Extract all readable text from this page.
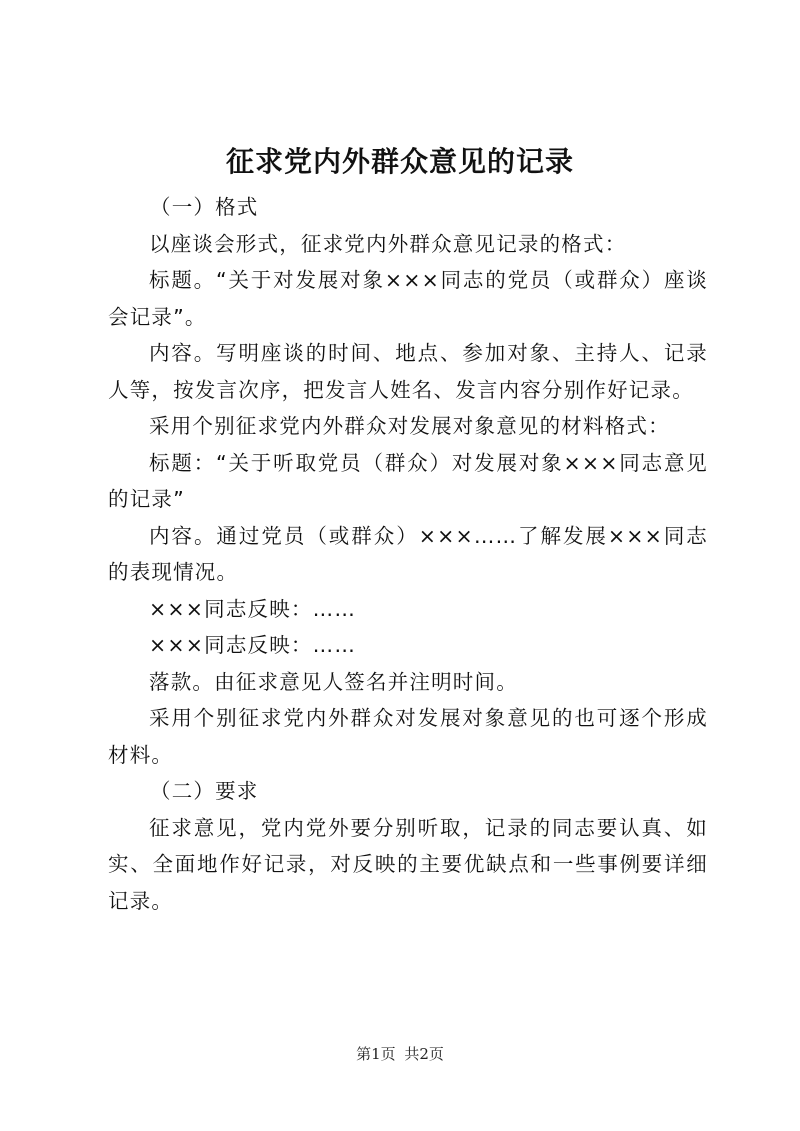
征求党内外群众意见的记录

（一）格式

以座谈会形式，征求党内外群众意见记录的格式：

标题。“关于对发展对象×××同志的党员（或群众）座谈会记录”。

内容。写明座谈的时间、地点、参加对象、主持人、记录人等，按发言次序，把发言人姓名、发言内容分别作好记录。

采用个别征求党内外群众对发展对象意见的材料格式：

标题：“关于听取党员（群众）对发展对象×××同志意见的记录”

内容。通过党员（或群众）×××……了解发展×××同志的表现情况。

×××同志反映：……

×××同志反映：……

落款。由征求意见人签名并注明时间。

采用个别征求党内外群众对发展对象意见的也可逐个形成材料。

（二）要求

征求意见，党内党外要分别听取，记录的同志要认真、如实、全面地作好记录，对反映的主要优缺点和一些事例要详细记录。

第1页 共2页
